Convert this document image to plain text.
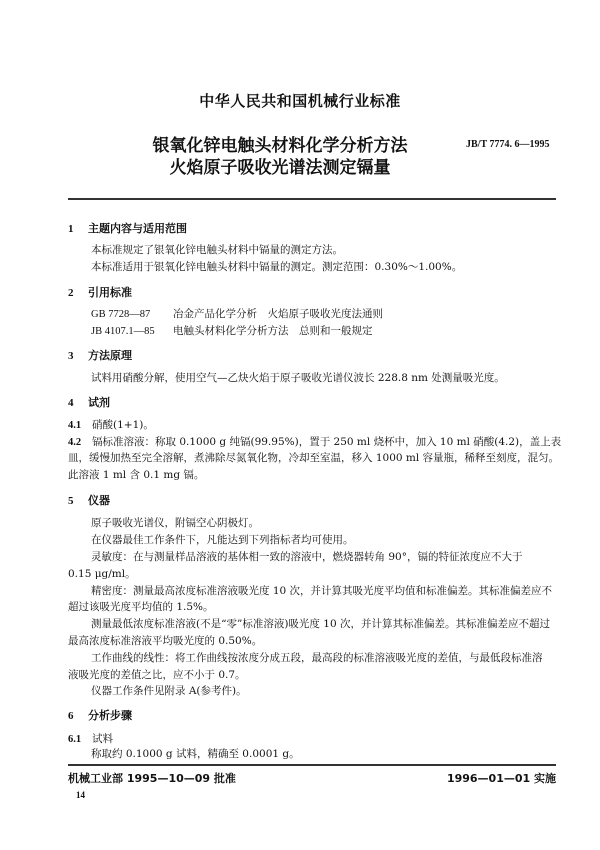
中华人民共和国机械行业标准
JB/T 7774. 6—1995
银氧化锌电触头材料化学分析方法
火焰原子吸收光谱法测定镉量
1 主题内容与适用范围
本标准规定了银氧化锌电触头材料中镉量的测定方法。
本标准适用于银氧化锌电触头材料中镉量的测定。测定范围：0.30%～1.00%。
2 引用标准
GB 7728—87 冶金产品化学分析　火焰原子吸收光度法通则
JB 4107.1—85 电触头材料化学分析方法　总则和一般规定
3 方法原理
试料用硝酸分解，使用空气—乙炔火焰于原子吸收光谱仪波长 228.8 nm 处测量吸光度。
4 试剂
4.1 硝酸(1+1)。
4.2 镉标准溶液：称取 0.1000 g 纯镉(99.95%)，置于 250 ml 烧杯中，加入 10 ml 硝酸(4.2)，盖上表
皿，缓慢加热至完全溶解，煮沸除尽氮氧化物，冷却至室温，移入 1000 ml 容量瓶，稀释至刻度，混匀。
此溶液 1 ml 含 0.1 mg 镉。
5 仪器
原子吸收光谱仪，附镉空心阴极灯。
在仪器最佳工作条件下，凡能达到下列指标者均可使用。
灵敏度：在与测量样品溶液的基体相一致的溶液中，燃烧器转角 90°，镉的特征浓度应不大于
0.15 μg/ml。
精密度：测量最高浓度标准溶液吸光度 10 次，并计算其吸光度平均值和标准偏差。其标准偏差应不
超过该吸光度平均值的 1.5%。
测量最低浓度标准溶液(不是“零”标准溶液)吸光度 10 次，并计算其标准偏差。其标准偏差应不超过
最高浓度标准溶液平均吸光度的 0.50%。
工作曲线的线性：将工作曲线按浓度分成五段，最高段的标准溶液吸光度的差值，与最低段标准溶
液吸光度的差值之比，应不小于 0.7。
仪器工作条件见附录 A(参考件)。
6 分析步骤
6.1 试料
称取约 0.1000 g 试料，精确至 0.0001 g。
机械工业部 1995—10—09 批准	1996—01—01 实施
14
